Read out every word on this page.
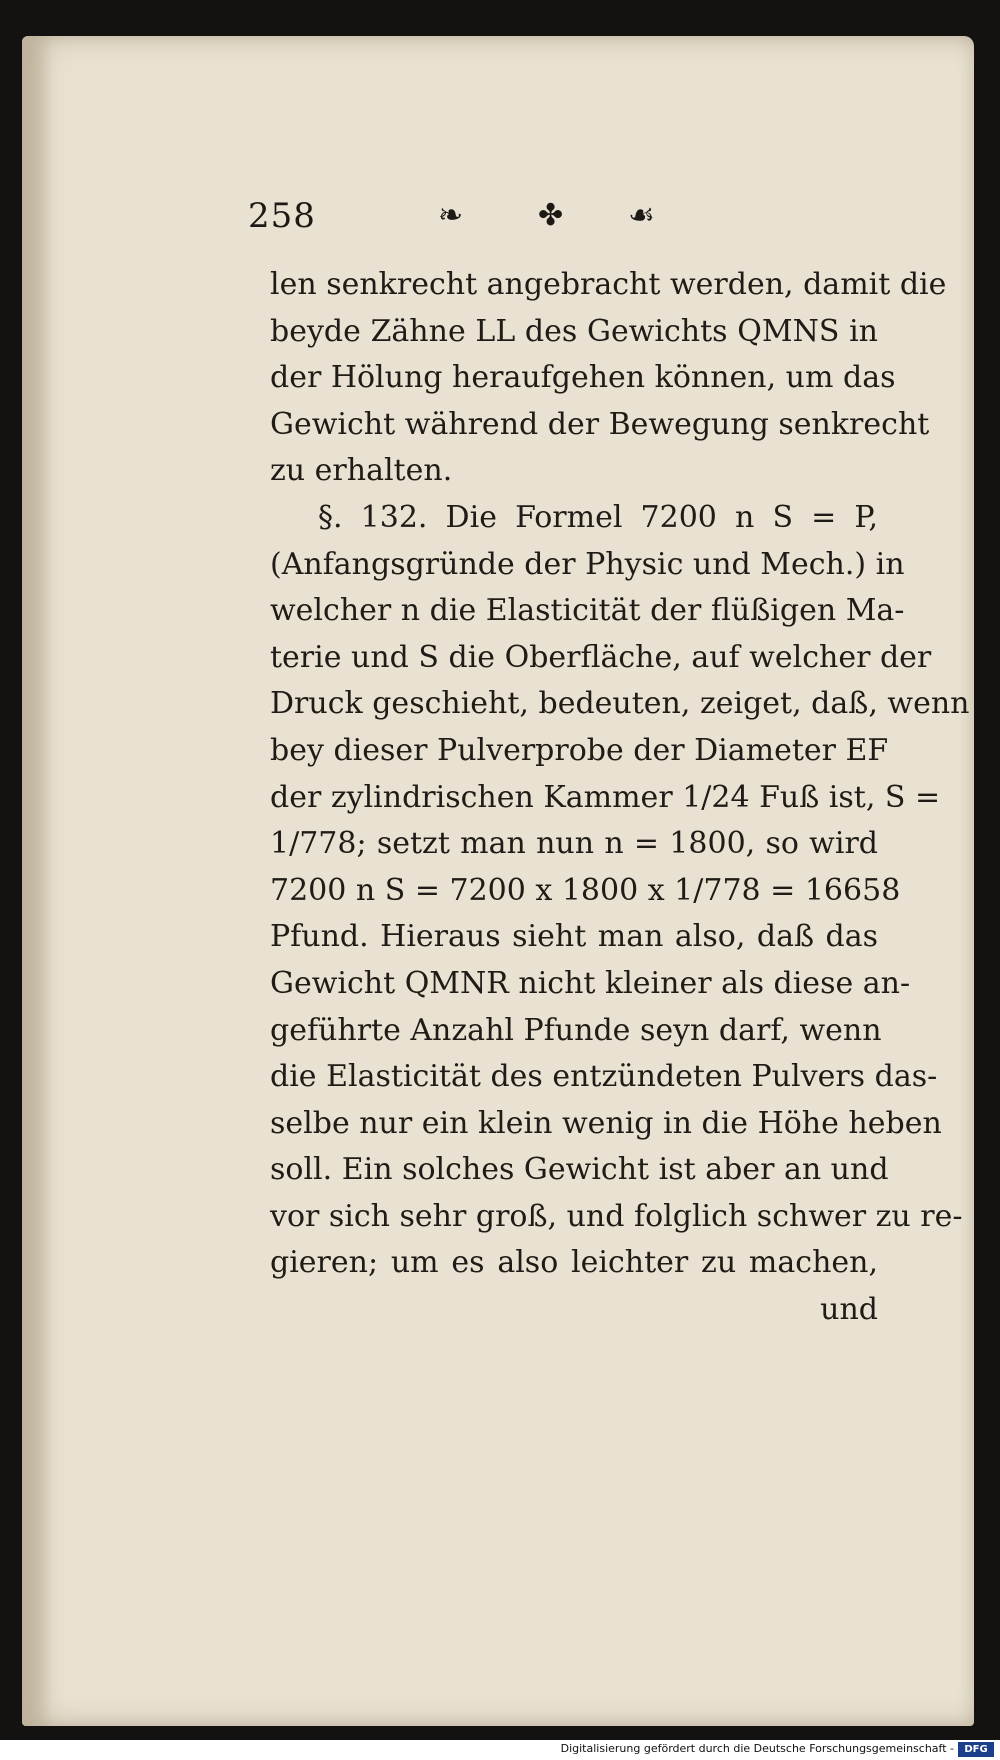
258	❧ ✤ ☙
len senkrecht angebracht werden, damit die
beyde Zähne LL des Gewichts QMNS in
der Hölung heraufgehen können, um das
Gewicht während der Bewegung senkrecht
zu erhalten.
§. 132. Die Formel 7200 n S = P,
(Anfangsgründe der Physic und Mech.) in
welcher n die Elasticität der flüßigen Ma-
terie und S die Oberfläche, auf welcher der
Druck geschieht, bedeuten, zeiget, daß, wenn
bey dieser Pulverprobe der Diameter EF
der zylindrischen Kammer 1/24 Fuß ist, S =
1/778; setzt man nun n = 1800, so wird
7200 n S = 7200 x 1800 x 1/778 = 16658
Pfund. Hieraus sieht man also, daß das
Gewicht QMNR nicht kleiner als diese an-
geführte Anzahl Pfunde seyn darf, wenn
die Elasticität des entzündeten Pulvers das-
selbe nur ein klein wenig in die Höhe heben
soll. Ein solches Gewicht ist aber an und
vor sich sehr groß, und folglich schwer zu re-
gieren; um es also leichter zu machen,
und
Digitalisierung gefördert durch die Deutsche Forschungsgemeinschaft -	DFG
